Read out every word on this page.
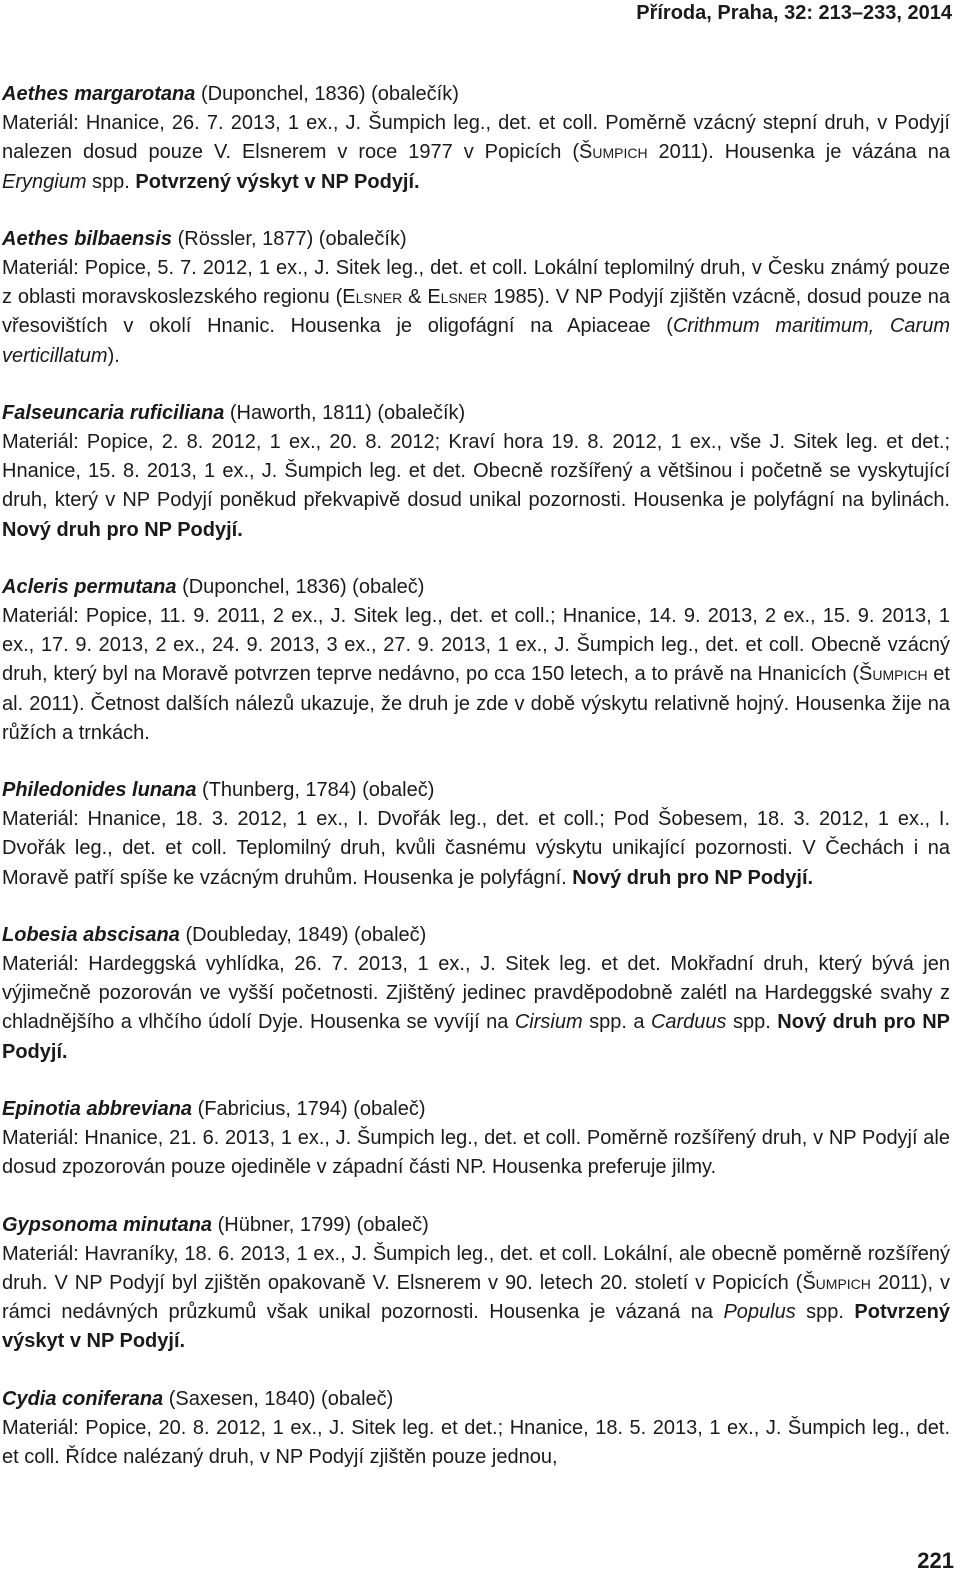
Příroda, Praha, 32: 213–233, 2014

Aethes margarotana (Duponchel, 1836) (obalečík)
Materiál: Hnanice, 26. 7. 2013, 1 ex., J. Šumpich leg., det. et coll. Poměrně vzácný stepní druh, v Podyjí nalezen dosud pouze V. Elsnerem v roce 1977 v Popicích (Šumpich 2011). Housenka je vázána na Eryngium spp. Potvrzený výskyt v NP Podyjí.

Aethes bilbaensis (Rössler, 1877) (obalečík)
Materiál: Popice, 5. 7. 2012, 1 ex., J. Sitek leg., det. et coll. Lokální teplomilný druh, v Česku známý pouze z oblasti moravskoslezského regionu (Elsner & Elsner 1985). V NP Podyjí zjištěn vzácně, dosud pouze na vřesovištích v okolí Hnanic. Housenka je oligofágní na Apiaceae (Crithmum maritimum, Carum verticillatum).

Falseuncaria ruficiliana (Haworth, 1811) (obalečík)
Materiál: Popice, 2. 8. 2012, 1 ex., 20. 8. 2012; Kraví hora 19. 8. 2012, 1 ex., vše J. Sitek leg. et det.; Hnanice, 15. 8. 2013, 1 ex., J. Šumpich leg. et det. Obecně rozšířený a většinou i početně se vyskytující druh, který v NP Podyjí poněkud překvapivě dosud unikal pozornosti. Housenka je polyfágní na bylinách. Nový druh pro NP Podyjí.

Acleris permutana (Duponchel, 1836) (obaleč)
Materiál: Popice, 11. 9. 2011, 2 ex., J. Sitek leg., det. et coll.; Hnanice, 14. 9. 2013, 2 ex., 15. 9. 2013, 1 ex., 17. 9. 2013, 2 ex., 24. 9. 2013, 3 ex., 27. 9. 2013, 1 ex., J. Šumpich leg., det. et coll. Obecně vzácný druh, který byl na Moravě potvrzen teprve nedávno, po cca 150 letech, a to právě na Hnanicích (Šumpich et al. 2011). Četnost dalších nálezů ukazuje, že druh je zde v době výskytu relativně hojný. Housenka žije na růžích a trnkách.

Philedonides lunana (Thunberg, 1784) (obaleč)
Materiál: Hnanice, 18. 3. 2012, 1 ex., I. Dvořák leg., det. et coll.; Pod Šobesem, 18. 3. 2012, 1 ex., I. Dvořák leg., det. et coll. Teplomilný druh, kvůli časnému výskytu unikající pozornosti. V Čechách i na Moravě patří spíše ke vzácným druhům. Housenka je polyfágní. Nový druh pro NP Podyjí.

Lobesia abscisana (Doubleday, 1849) (obaleč)
Materiál: Hardeggská vyhlídka, 26. 7. 2013, 1 ex., J. Sitek leg. et det. Mokřadní druh, který bývá jen výjimečně pozorován ve vyšší početnosti. Zjištěný jedinec pravděpodobně zalétl na Hardeggské svahy z chladnějšího a vlhčího údolí Dyje. Housenka se vyvíjí na Cirsium spp. a Carduus spp. Nový druh pro NP Podyjí.

Epinotia abbreviana (Fabricius, 1794) (obaleč)
Materiál: Hnanice, 21. 6. 2013, 1 ex., J. Šumpich leg., det. et coll. Poměrně rozšířený druh, v NP Podyjí ale dosud zpozorován pouze ojediněle v západní části NP. Housenka preferuje jilmy.

Gypsonoma minutana (Hübner, 1799) (obaleč)
Materiál: Havraníky, 18. 6. 2013, 1 ex., J. Šumpich leg., det. et coll. Lokální, ale obecně poměrně rozšířený druh. V NP Podyjí byl zjištěn opakovaně V. Elsnerem v 90. letech 20. století v Popicích (Šumpich 2011), v rámci nedávných průzkumů však unikal pozornosti. Housenka je vázaná na Populus spp. Potvrzený výskyt v NP Podyjí.

Cydia coniferana (Saxesen, 1840) (obaleč)
Materiál: Popice, 20. 8. 2012, 1 ex., J. Sitek leg. et det.; Hnanice, 18. 5. 2013, 1 ex., J. Šumpich leg., det. et coll. Řídce nalézaný druh, v NP Podyjí zjištěn pouze jednou,

221
